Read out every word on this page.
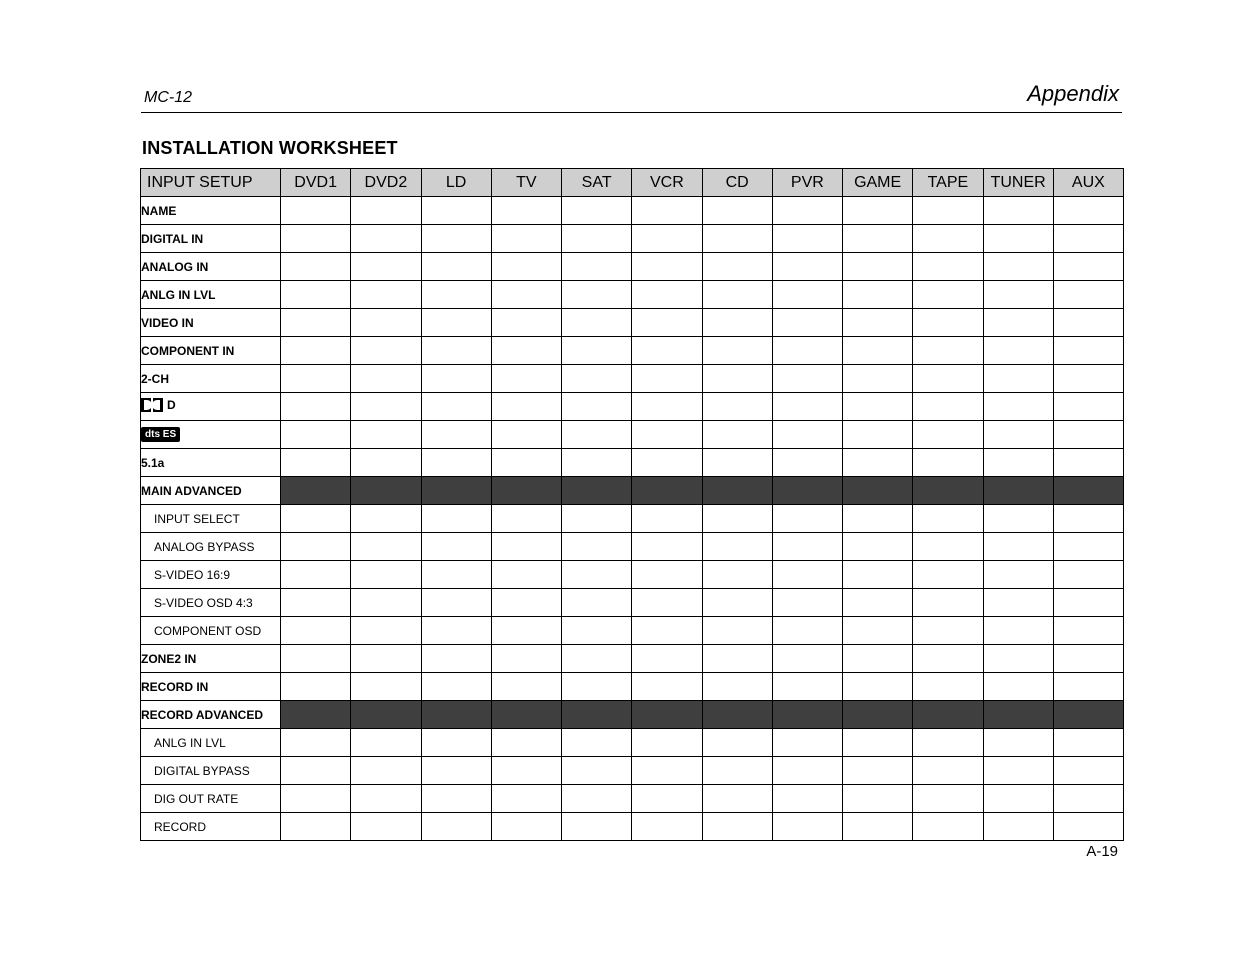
MC-12	Appendix
INSTALLATION WORKSHEET
INPUT SETUP	DVD1	DVD2	LD	TV	SAT	VCR	CD	PVR	GAME	TAPE	TUNER	AUX
NAME												
DIGITAL IN												
ANALOG IN												
ANLG IN LVL												
VIDEO IN												
COMPONENT IN												
2-CH												
D												
dts ES												
5.1a												
MAIN ADVANCED												
INPUT SELECT												
ANALOG BYPASS												
S-VIDEO 16:9												
S-VIDEO OSD 4:3												
COMPONENT OSD												
ZONE2 IN												
RECORD IN												
RECORD ADVANCED												
ANLG IN LVL												
DIGITAL BYPASS												
DIG OUT RATE												
RECORD												
A-19
